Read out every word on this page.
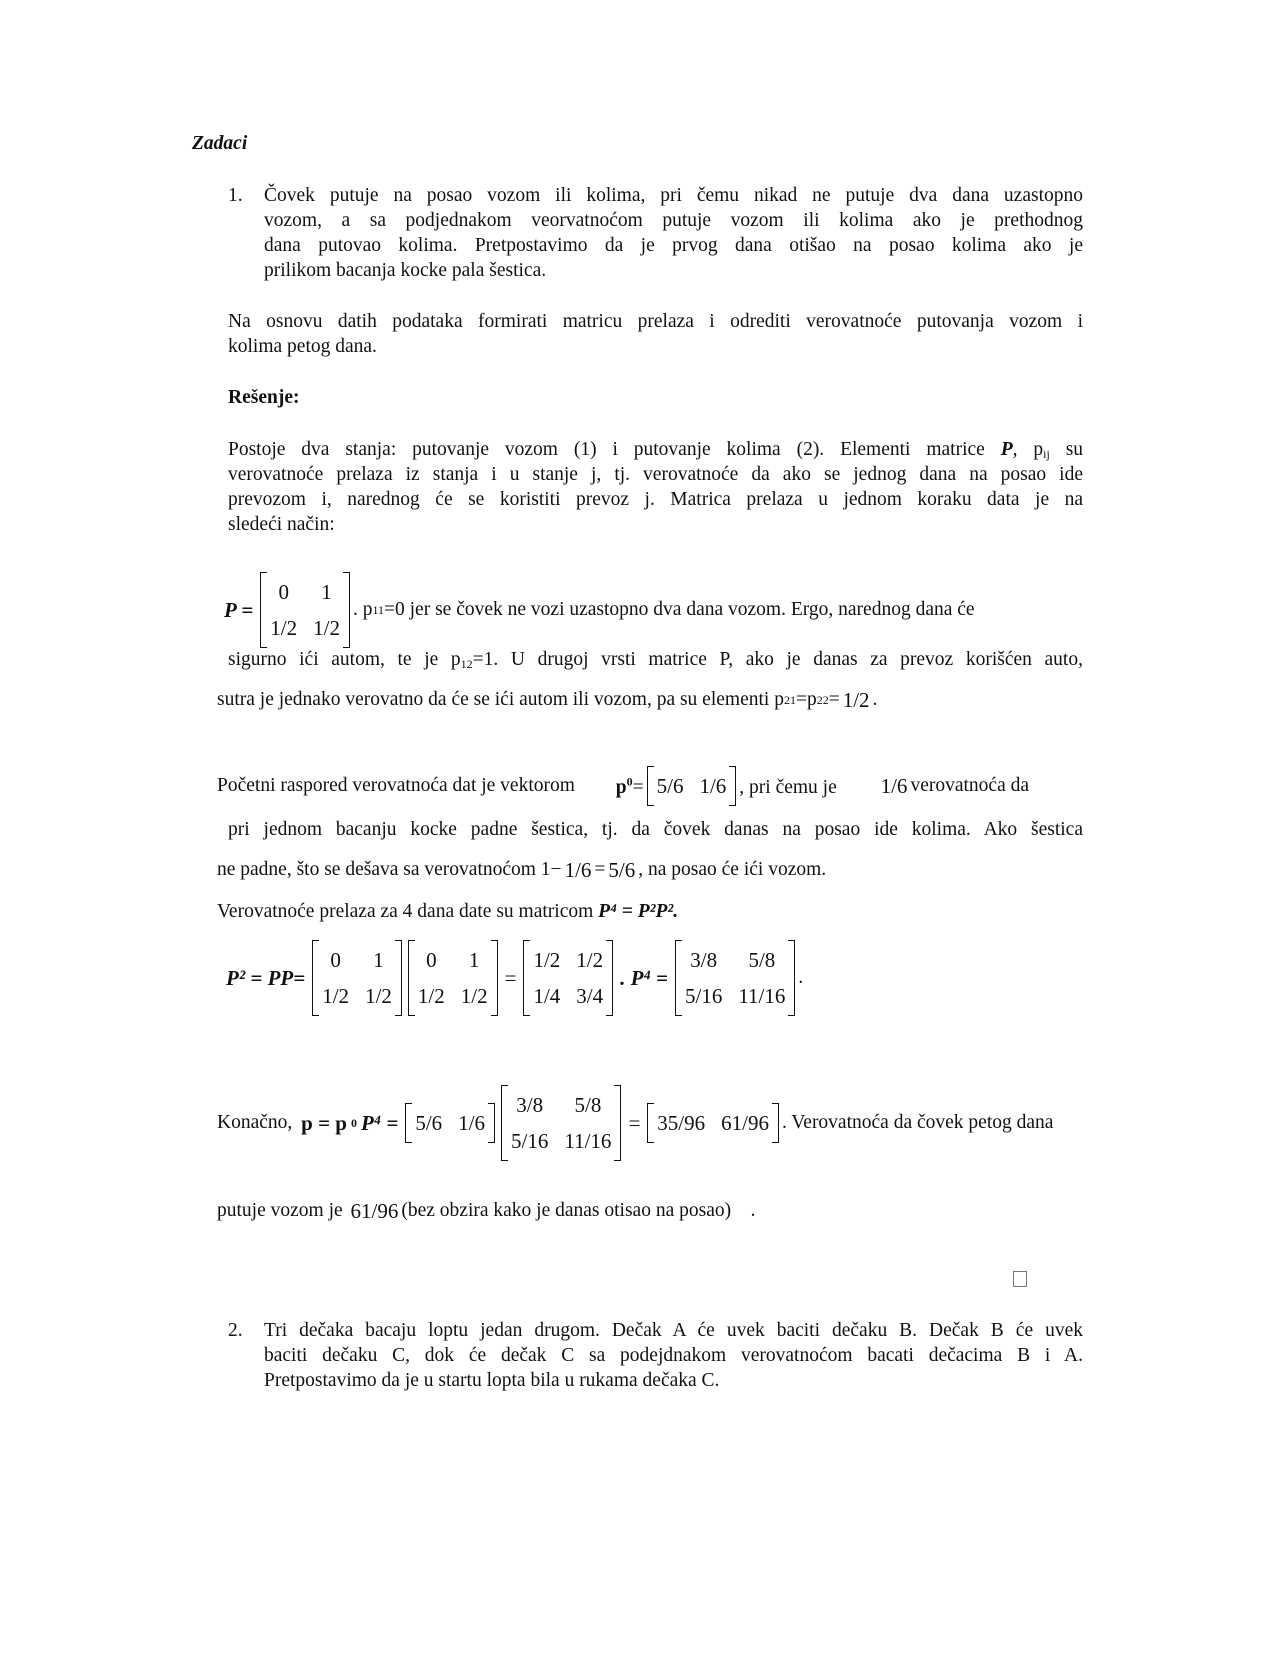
Zadaci
1. Čovek putuje na posao vozom ili kolima, pri čemu nikad ne putuje dva dana uzastopno
vozom, a sa podjednakom veorvatnoćom putuje vozom ili kolima ako je prethodnog
dana putovao kolima. Pretpostavimo da je prvog dana otišao na posao kolima ako je
prilikom bacanja kocke pala šestica.
Na osnovu datih podataka formirati matricu prelaza i odrediti verovatnoće putovanja vozom i
kolima petog dana.
Rešenje:
Postoje dva stanja: putovanje vozom (1) i putovanje kolima (2). Elementi matrice P, $p_{ij}$ su
verovatnoće prelaza iz stanja i u stanje j, tj. verovatnoće da ako se jednog dana na posao ide
prevozom i, narednog će se koristiti prevoz j. Matrica prelaza u jednom koraku data je na
sledeći način:
P =
0 1
1/2 1/2
. p 11 =0 jer se čovek ne vozi uzastopno dva dana vozom. Ergo, narednog dana će
sigurno ići autom, te je $p_{12}=1$. U drugoj vrsti matrice P, ako je danas za prevoz korišćen auto,
sutra je jednako verovatno da će se ići autom ili vozom, pa su elementi p 21 =p 22 = 1/2 .
Početni raspored verovatnoća dat je vektorom $p^0= 5/6$ 1/6 , pri čemu je 1/6 verovatnoća da
pri jednom bacanju kocke padne šestica, tj. da čovek danas na posao ide kolima. Ako šestica
ne padne, što se dešava sa verovatnoćom 1− 1/6 = 5/6 , na posao će ići vozom.
Verovatnoće prelaza za 4 dana date su matricom P⁴ = P²P².
P² = PP=
0 1
1/2 1/2
0 1
1/2 1/2
=
1/2 1/2
1/4 3/4
. P⁴ =
3/8 5/8
5/16 11/16
.
Konačno,
p = p 0 P⁴ = 5/6 1/6
3/8 5/8
5/16 11/16
= 35/96 61/96 . Verovatnoća da čovek petog dana
putuje vozom je
61/96 (bez obzira kako je danas otisao na posao)    .
2. Tri dečaka bacaju loptu jedan drugom. Dečak A će uvek baciti dečaku B. Dečak B će uvek
baciti dečaku C, dok će dečak C sa podejdnakom verovatnoćom bacati dečacima B i A.
Pretpostavimo da je u startu lopta bila u rukama dečaka C.
